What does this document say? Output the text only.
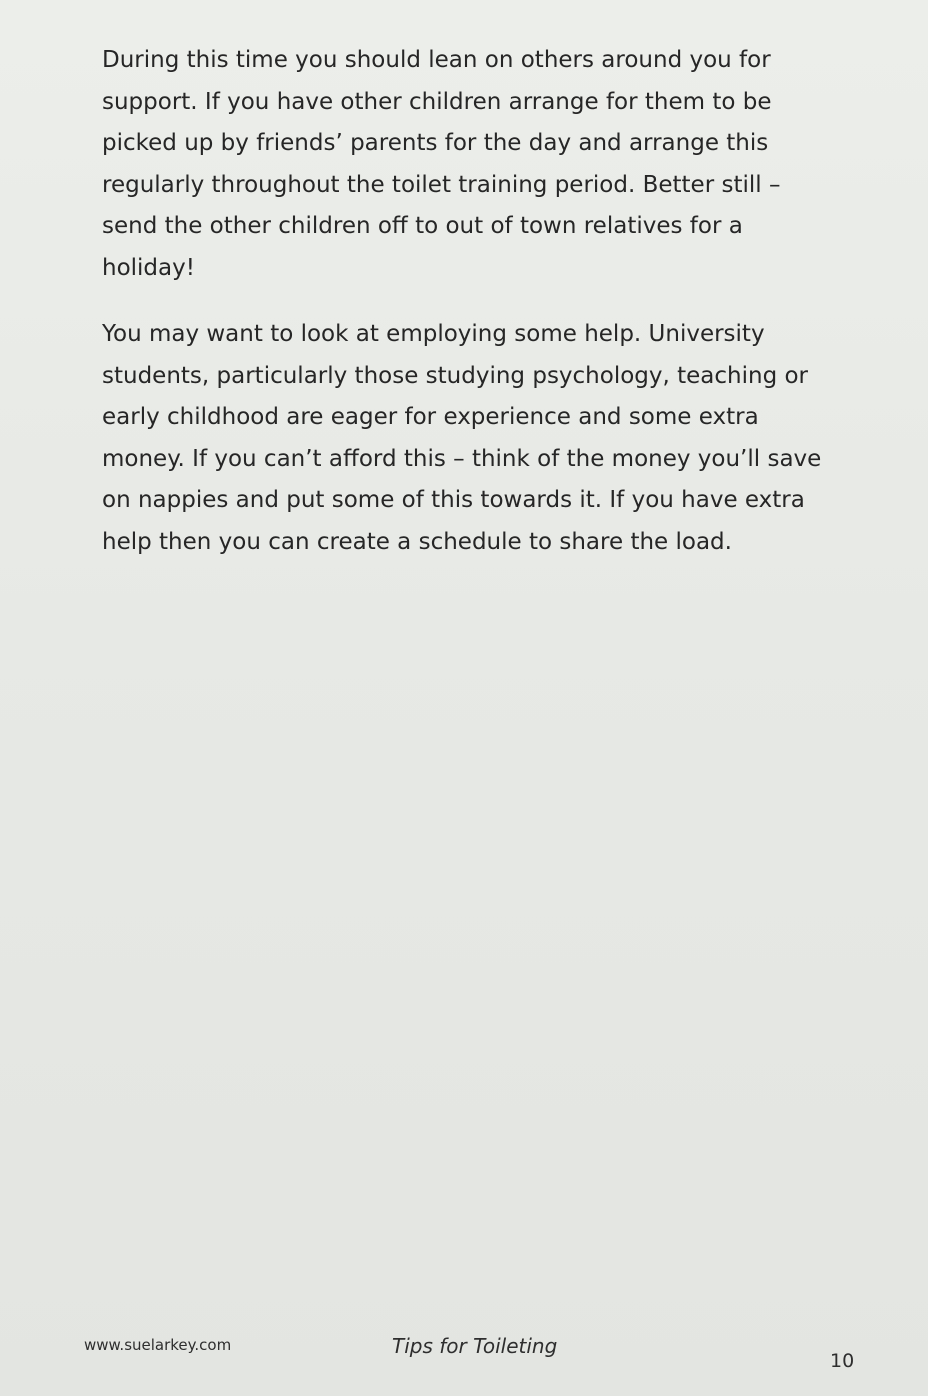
During this time you should lean on others around you for
support. If you have other children arrange for them to be
picked up by friends’ parents for the day and arrange this
regularly throughout the toilet training period. Better still –
send the other children off to out of town relatives for a
holiday!

You may want to look at employing some help. University
students, particularly those studying psychology, teaching or
early childhood are eager for experience and some extra
money. If you can’t afford this – think of the money you’ll save
on nappies and put some of this towards it. If you have extra
help then you can create a schedule to share the load.

www.suelarkey.com	Tips for Toileting
10
